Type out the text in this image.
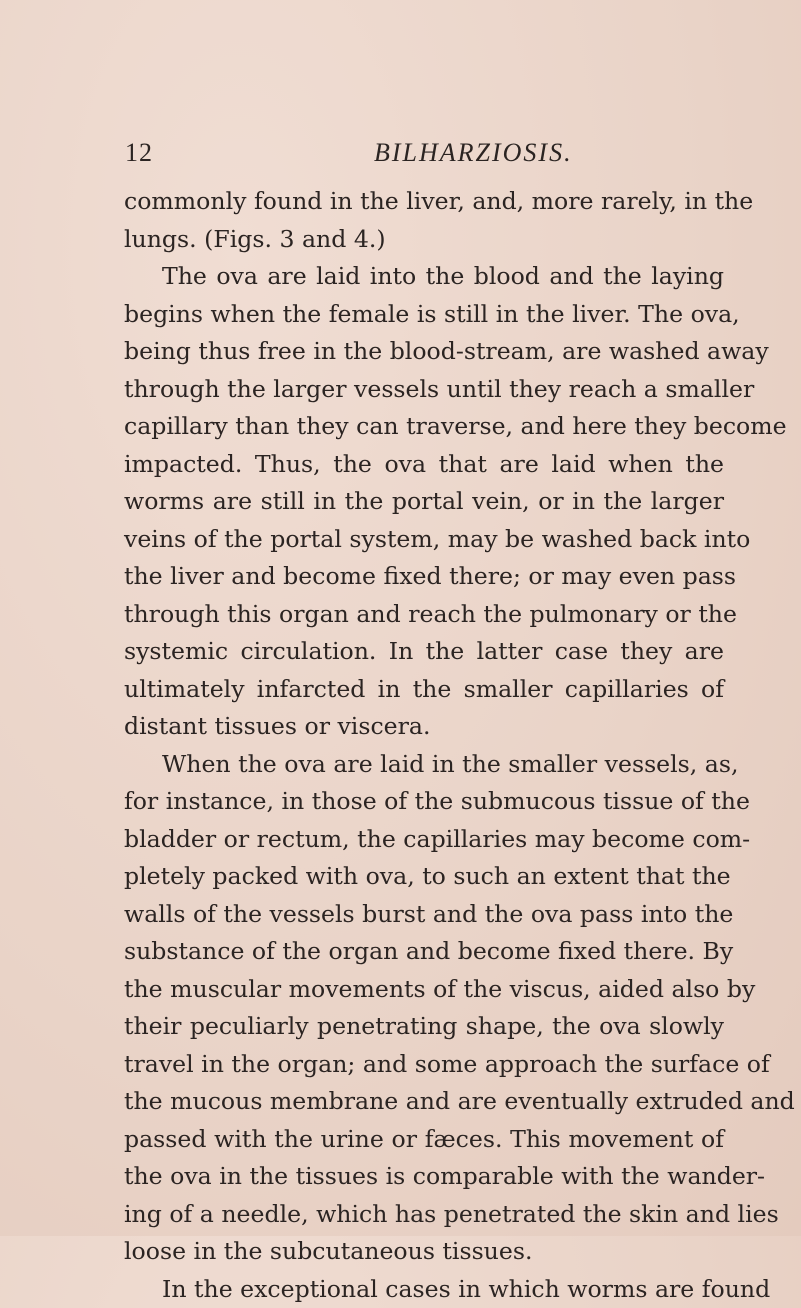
12	BILHARZIOSIS.
commonly found in the liver, and, more rarely, in the
lungs. (Figs. 3 and 4.)
The ova are laid into the blood and the laying
begins when the female is still in the liver. The ova,
being thus free in the blood-stream, are washed away
through the larger vessels until they reach a smaller
capillary than they can traverse, and here they become
impacted. Thus, the ova that are laid when the
worms are still in the portal vein, or in the larger
veins of the portal system, may be washed back into
the liver and become fixed there; or may even pass
through this organ and reach the pulmonary or the
systemic circulation. In the latter case they are
ultimately infarcted in the smaller capillaries of
distant tissues or viscera.
When the ova are laid in the smaller vessels, as,
for instance, in those of the submucous tissue of the
bladder or rectum, the capillaries may become com-
pletely packed with ova, to such an extent that the
walls of the vessels burst and the ova pass into the
substance of the organ and become fixed there. By
the muscular movements of the viscus, aided also by
their peculiarly penetrating shape, the ova slowly
travel in the organ; and some approach the surface of
the mucous membrane and are eventually extruded and
passed with the urine or fæces. This movement of
the ova in the tissues is comparable with the wander-
ing of a needle, which has penetrated the skin and lies
loose in the subcutaneous tissues.
In the exceptional cases in which worms are found
